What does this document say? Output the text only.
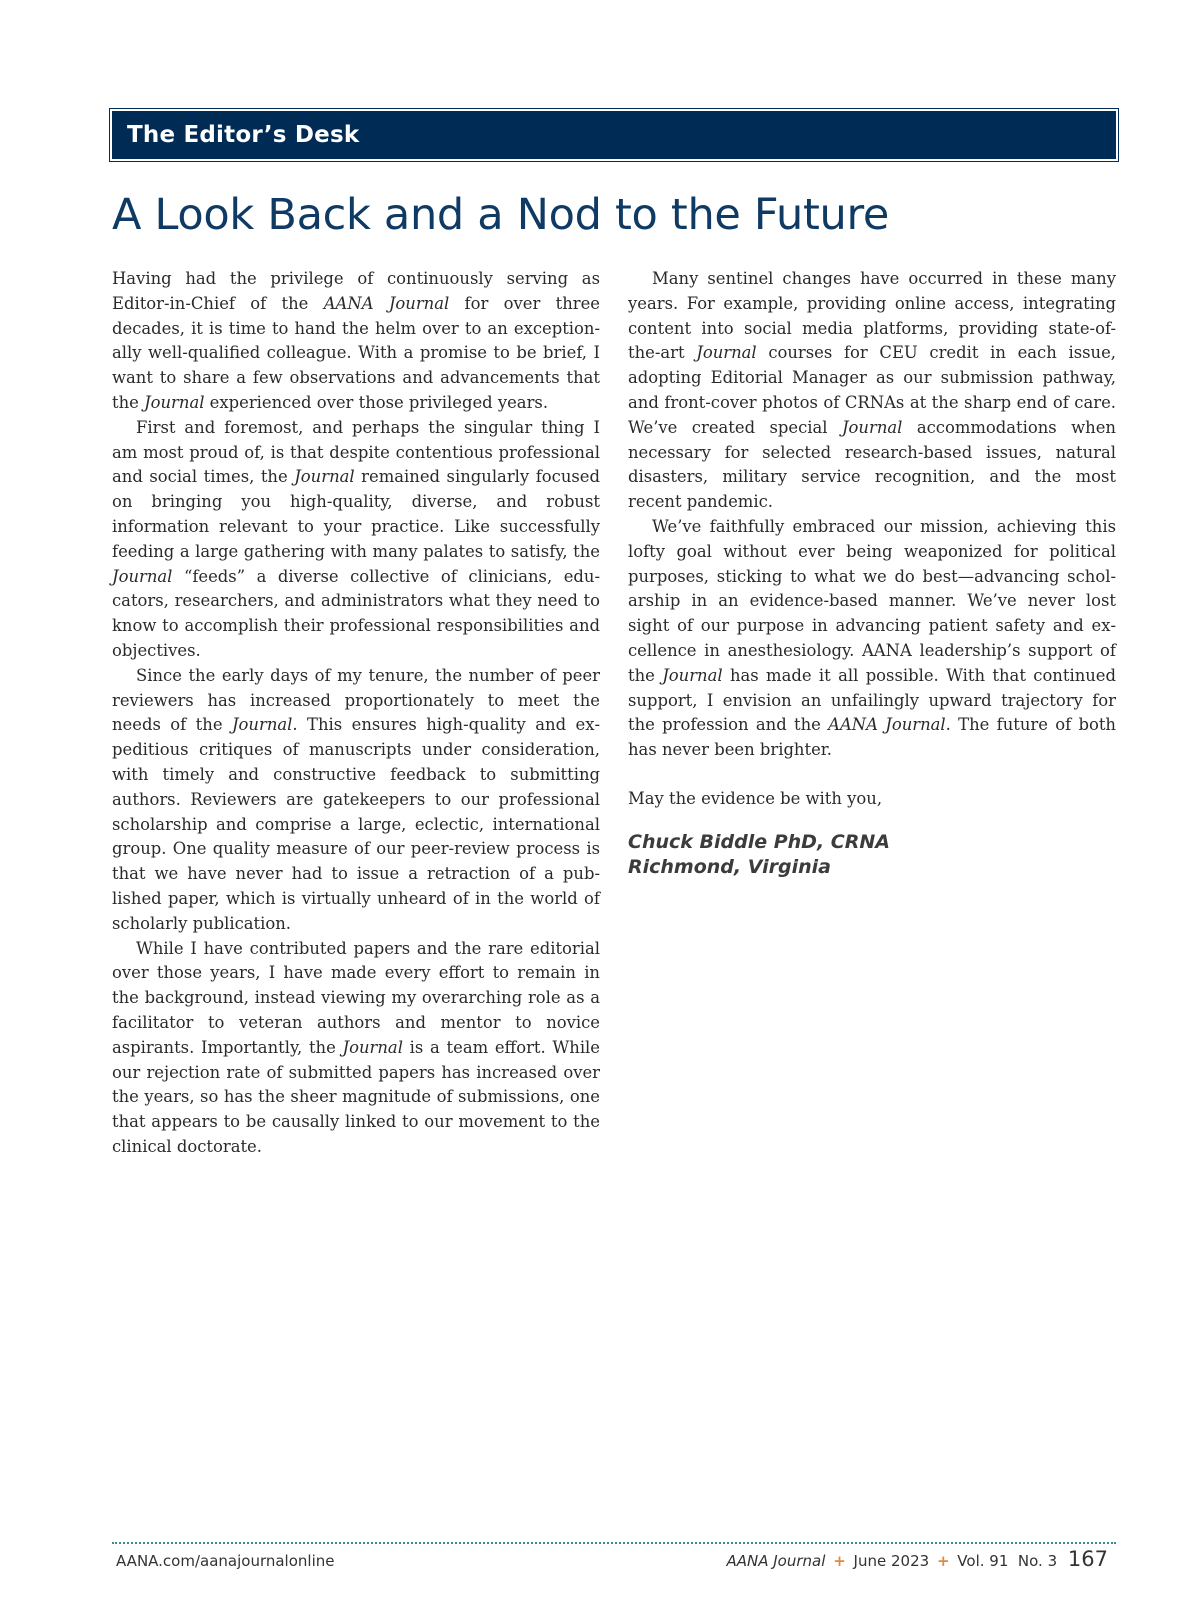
The Editor’s Desk
A Look Back and a Nod to the Future

Having had the privilege of continuously serving as Editor-in-Chief of the AANA Journal for over three decades, it is time to hand the helm over to an exceptionally well-qualified colleague. With a promise to be brief, I want to share a few observations and advancements that the Journal experienced over those privileged years.

First and foremost, and perhaps the singular thing I am most proud of, is that despite contentious professional and social times, the Journal remained singularly focused on bringing you high-quality, diverse, and robust information relevant to your practice. Like successfully feeding a large gathering with many palates to satisfy, the Journal “feeds” a diverse collective of clinicians, educators, researchers, and administrators what they need to know to accomplish their professional responsibilities and objectives.

Since the early days of my tenure, the number of peer reviewers has increased proportionately to meet the needs of the Journal. This ensures high-quality and expeditious critiques of manuscripts under consideration, with timely and constructive feedback to submitting authors. Reviewers are gatekeepers to our professional scholarship and comprise a large, eclectic, international group. One quality measure of our peer-review process is that we have never had to issue a retraction of a published paper, which is virtually unheard of in the world of scholarly publication.

While I have contributed papers and the rare editorial over those years, I have made every effort to remain in the background, instead viewing my overarching role as a facilitator to veteran authors and mentor to novice aspirants. Importantly, the Journal is a team effort. While our rejection rate of submitted papers has increased over the years, so has the sheer magnitude of submissions, one that appears to be causally linked to our movement to the clinical doctorate.

Many sentinel changes have occurred in these many years. For example, providing online access, integrating content into social media platforms, providing state-of-the-art Journal courses for CEU credit in each issue, adopting Editorial Manager as our submission pathway, and front-cover photos of CRNAs at the sharp end of care. We’ve created special Journal accommodations when necessary for selected research-based issues, natural disasters, military service recognition, and the most recent pandemic.

We’ve faithfully embraced our mission, achieving this lofty goal without ever being weaponized for political purposes, sticking to what we do best—advancing scholarship in an evidence-based manner. We’ve never lost sight of our purpose in advancing patient safety and excellence in anesthesiology. AANA leadership’s support of the Journal has made it all possible. With that continued support, I envision an unfailingly upward trajectory for the profession and the AANA Journal. The future of both has never been brighter.

May the evidence be with you,

Chuck Biddle PhD, CRNA
Richmond, Virginia
AANA.com/aanajournalonline	AANA Journal + June 2023 + Vol. 91  No. 3 167
